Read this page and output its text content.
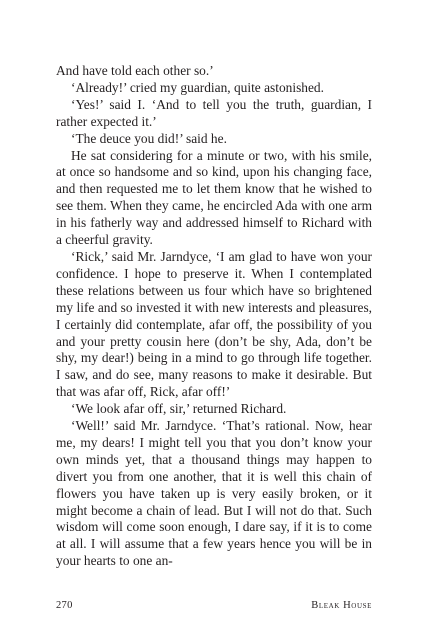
And have told each other so.’

‘Already!’ cried my guardian, quite astonished.

‘Yes!’ said I. ‘And to tell you the truth, guardian, I rather expected it.’

‘The deuce you did!’ said he.

He sat considering for a minute or two, with his smile, at once so handsome and so kind, upon his changing face, and then requested me to let them know that he wished to see them. When they came, he encircled Ada with one arm in his fatherly way and addressed himself to Richard with a cheerful gravity.

‘Rick,’ said Mr. Jarndyce, ‘I am glad to have won your confidence. I hope to preserve it. When I contemplated these relations between us four which have so brightened my life and so invested it with new interests and pleasures, I certainly did contemplate, afar off, the possibility of you and your pretty cousin here (don’t be shy, Ada, don’t be shy, my dear!) being in a mind to go through life together. I saw, and do see, many reasons to make it desirable. But that was afar off, Rick, afar off!’

‘We look afar off, sir,’ returned Richard.

‘Well!’ said Mr. Jarndyce. ‘That’s rational. Now, hear me, my dears! I might tell you that you don’t know your own minds yet, that a thousand things may happen to divert you from one another, that it is well this chain of flowers you have taken up is very easily broken, or it might become a chain of lead. But I will not do that. Such wisdom will come soon enough, I dare say, if it is to come at all. I will assume that a few years hence you will be in your hearts to one an-

270	Bleak House
